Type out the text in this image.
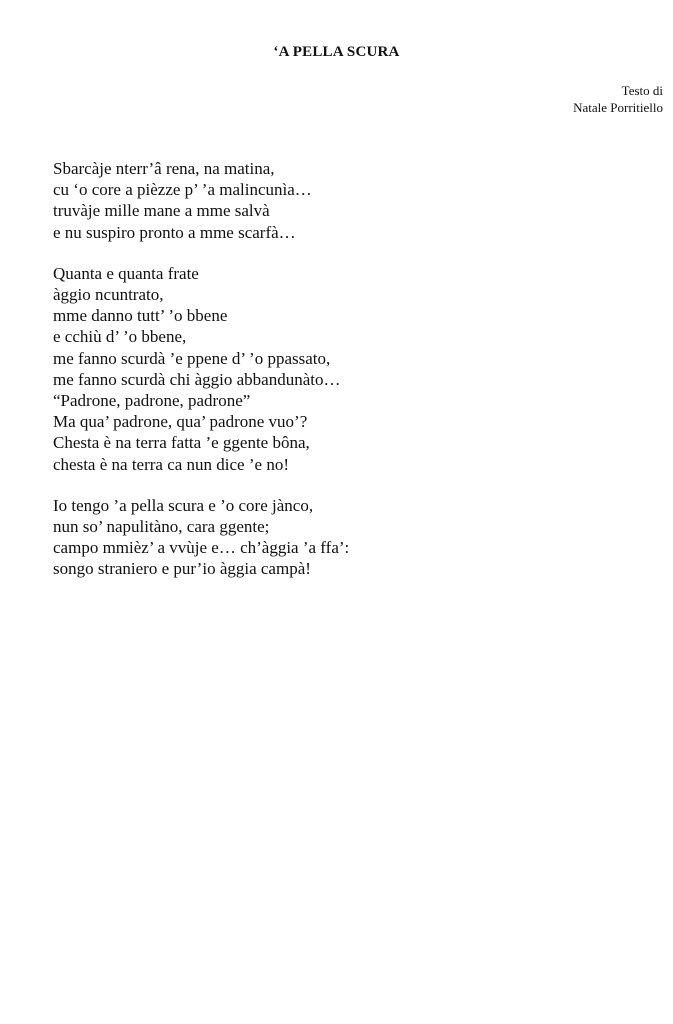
‘A PELLA SCURA
Testo di
Natale Porritiello
Sbarcàje nterr’â rena, na matina,
cu ‘o core a pièzze p’ ’a malincunìa…
truvàje mille mane a mme salvà
e nu suspiro pronto a mme scarfà…
Quanta e quanta frate
àggio ncuntrato,
mme danno tutt’ ’o bbene
e cchiù d’ ’o bbene,
me fanno scurdà ’e ppene d’ ’o ppassato,
me fanno scurdà chi àggio abbandunàto…
“Padrone, padrone, padrone”
Ma qua’ padrone, qua’ padrone vuo’?
Chesta è na terra fatta ’e ggente bôna,
chesta è na terra ca nun dice ’e no!
Io tengo ’a pella scura e ’o core jànco,
nun so’ napulitàno, cara ggente;
campo mmièz’ a vvùje e… ch’àggia ’a ffa’:
songo straniero e pur’io àggia campà!
